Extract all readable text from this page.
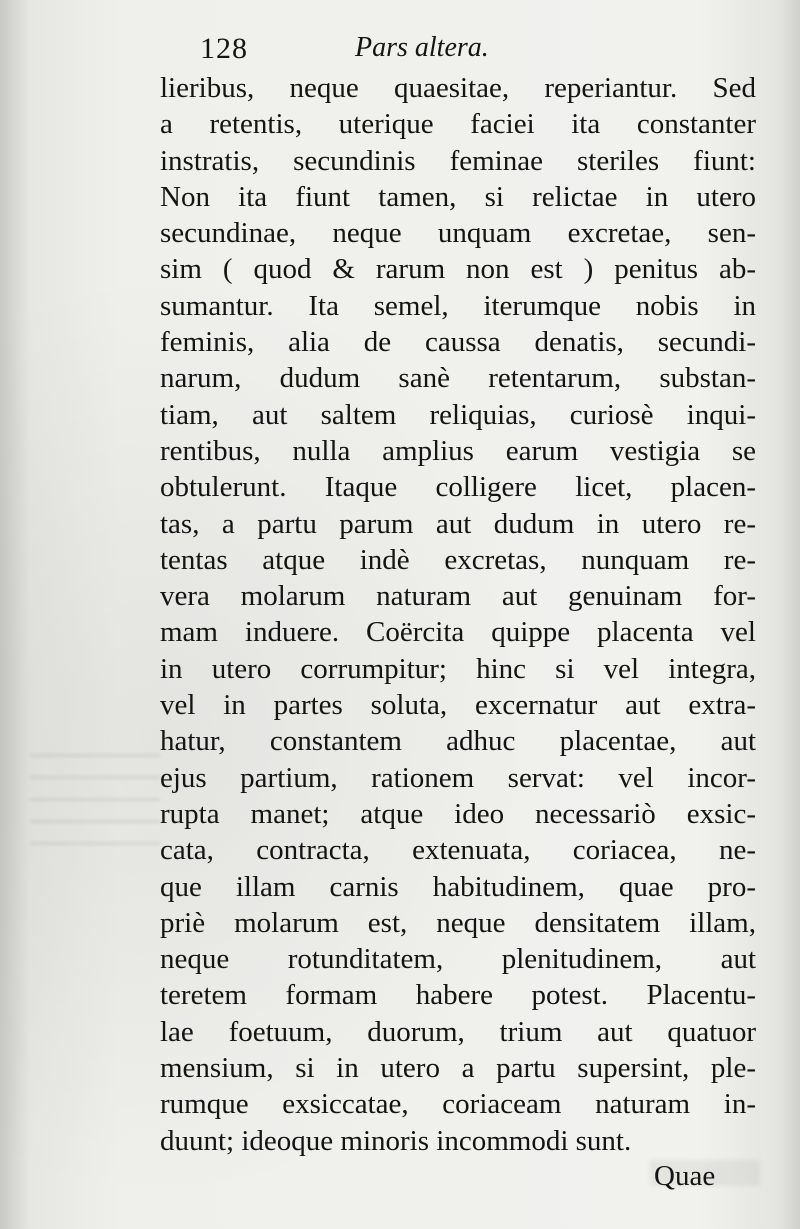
128	Pars altera.
lieribus, neque quaesitae, reperiantur. Sed
a retentis, uterique faciei ita constanter
instratis, secundinis feminae steriles fiunt:
Non ita fiunt tamen, si relictae in utero
secundinae, neque unquam excretae, sen-
sim ( quod & rarum non est ) penitus ab-
sumantur. Ita semel, iterumque nobis in
feminis, alia de caussa denatis, secundi-
narum, dudum sanè retentarum, substan-
tiam, aut saltem reliquias, curiosè inqui-
rentibus, nulla amplius earum vestigia se
obtulerunt. Itaque colligere licet, placen-
tas, a partu parum aut dudum in utero re-
tentas atque indè excretas, nunquam re-
vera molarum naturam aut genuinam for-
mam induere. Coërcita quippe placenta vel
in utero corrumpitur; hinc si vel integra,
vel in partes soluta, excernatur aut extra-
hatur, constantem adhuc placentae, aut
ejus partium, rationem servat: vel incor-
rupta manet; atque ideo necessariò exsic-
cata, contracta, extenuata, coriacea, ne-
que illam carnis habitudinem, quae pro-
priè molarum est, neque densitatem illam,
neque rotunditatem, plenitudinem, aut
teretem formam habere potest. Placentu-
lae foetuum, duorum, trium aut quatuor
mensium, si in utero a partu supersint, ple-
rumque exsiccatae, coriaceam naturam in-
duunt; ideoque minoris incommodi sunt.
Quae
